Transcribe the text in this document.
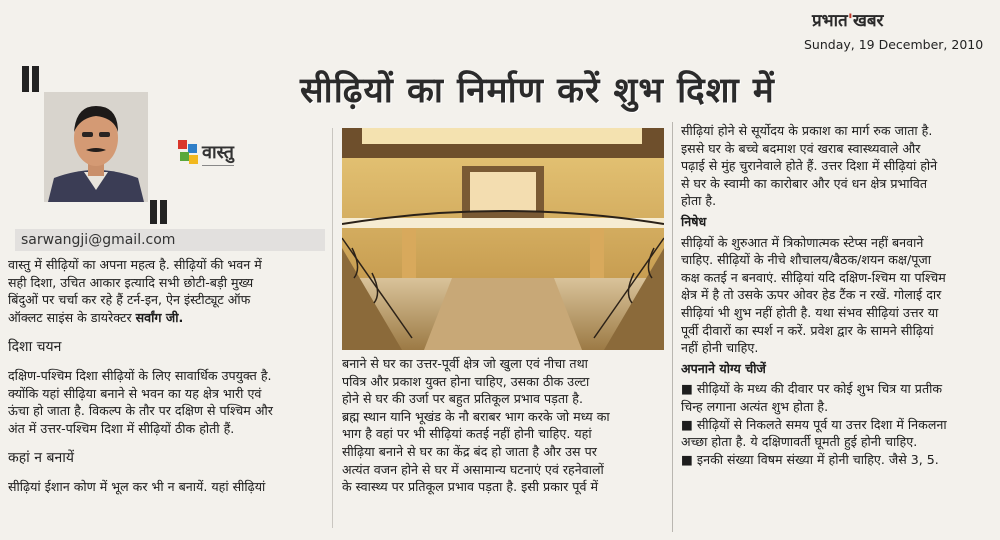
प्रभात'खबर
Sunday, 19 December, 2010
सीढ़ियों का निर्माण करें शुभ दिशा में
वास्तु
sarwangji@gmail.com

वास्तु में सीढ़ियों का अपना महत्व है. सीढ़ियों की भवन में

सही दिशा, उचित आकार इत्यादि सभी छोटी-बड़ी मुख्य

बिंदुओं पर चर्चा कर रहे हैं टर्न-इन, ऐन इंस्टीट्यूट ऑफ

ऑक्लट साइंस के डायरेक्टर सर्वांग जी.

दिशा चयन

दक्षिण-पश्चिम दिशा सीढ़ियों के लिए सावार्धिक उपयुक्त है.

क्योंकि यहां सीढ़िया बनाने से भवन का यह क्षेत्र भारी एवं

ऊंचा हो जाता है. विकल्प के तौर पर दक्षिण से पश्चिम और

अंत में उत्तर-पश्चिम दिशा में सीढ़ियों ठीक होती हैं.

कहां न बनायें

सीढ़ियां ईशान कोण में भूल कर भी न बनायें. यहां सीढ़ियां

बनाने से घर का उत्तर-पूर्वी क्षेत्र जो खुला एवं नीचा तथा

पवित्र और प्रकाश युक्त होना चाहिए, उसका ठीक उल्टा

होने से घर की उर्जा पर बहुत प्रतिकूल प्रभाव पड़ता है.

ब्रह्म स्थान यानि भूखंड के नौ बराबर भाग करके जो मध्य का

भाग है वहां पर भी सीढ़ियां कतई नहीं होनी चाहिए. यहां

सीढ़िया बनाने से घर का केंद्र बंद हो जाता है और उस पर

अत्यंत वजन होने से घर में असामान्य घटनाएं एवं रहनेवालों

के स्वास्थ्य पर प्रतिकूल प्रभाव पड़ता है. इसी प्रकार पूर्व में

सीढ़ियां होने से सूर्योदय के प्रकाश का मार्ग रुक जाता है.

इससे घर के बच्चे बदमाश एवं खराब स्वास्थ्यवाले और

पढ़ाई से मुंह चुरानेवाले होते हैं. उत्तर दिशा में सीढ़ियां होने

से घर के स्वामी का कारोबार और एवं धन क्षेत्र प्रभावित

होता है.

निषेध

सीढ़ियों के शुरुआत में त्रिकोणात्मक स्टेप्स नहीं बनवाने

चाहिए. सीढ़ियों के नीचे शौचालय/बैठक/शयन कक्ष/पूजा

कक्ष कतई न बनवाएं. सीढ़ियां यदि दक्षिण-श्चिम या पश्चिम

क्षेत्र में है तो उसके ऊपर ओवर हेड टैंक न रखें. गोलाई दार

सीढ़ियां भी शुभ नहीं होती है. यथा संभव सीढ़ियां उत्तर या

पूर्वी दीवारों का स्पर्श न करें. प्रवेश द्वार के सामने सीढ़ियां

नहीं होनी चाहिए.

अपनाने योग्य चीजें

■ सीढ़ियों के मध्य की दीवार पर कोई शुभ चित्र या प्रतीक

चिन्ह लगाना अत्यंत शुभ होता है.

■ सीढ़ियों से निकलते समय पूर्व या उत्तर दिशा में निकलना

अच्छा होता है. ये दक्षिणावर्ती घूमती हुई होनी चाहिए.

■ इनकी संख्या विषम संख्या में होनी चाहिए. जैसे 3, 5.
